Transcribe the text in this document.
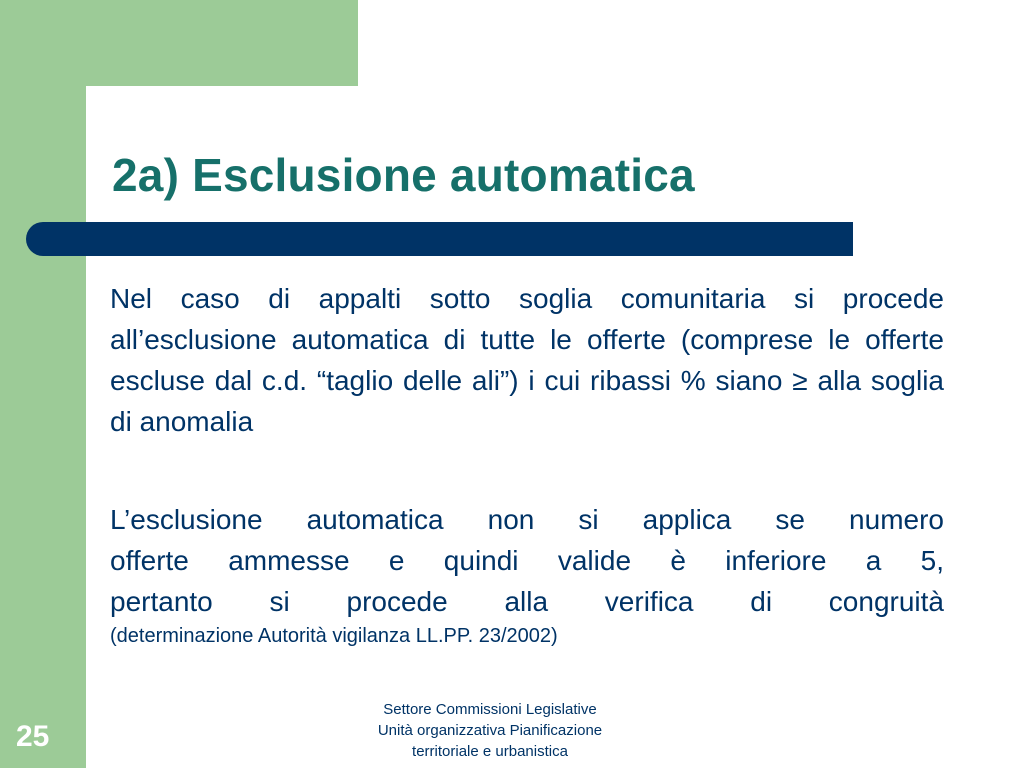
2a) Esclusione automatica
Nel caso di appalti sotto soglia comunitaria si procede all’esclusione automatica di tutte le offerte (comprese le offerte escluse dal c.d. “taglio delle ali”) i cui ribassi % siano ≥ alla soglia di anomalia
L’esclusione automatica non si applica se numero
offerte ammesse e quindi valide è inferiore a 5,
pertanto si procede alla verifica di congruità
(determinazione Autorità vigilanza LL.PP. 23/2002)
25
Settore Commissioni Legislative
Unità organizzativa Pianificazione
territoriale e urbanistica
